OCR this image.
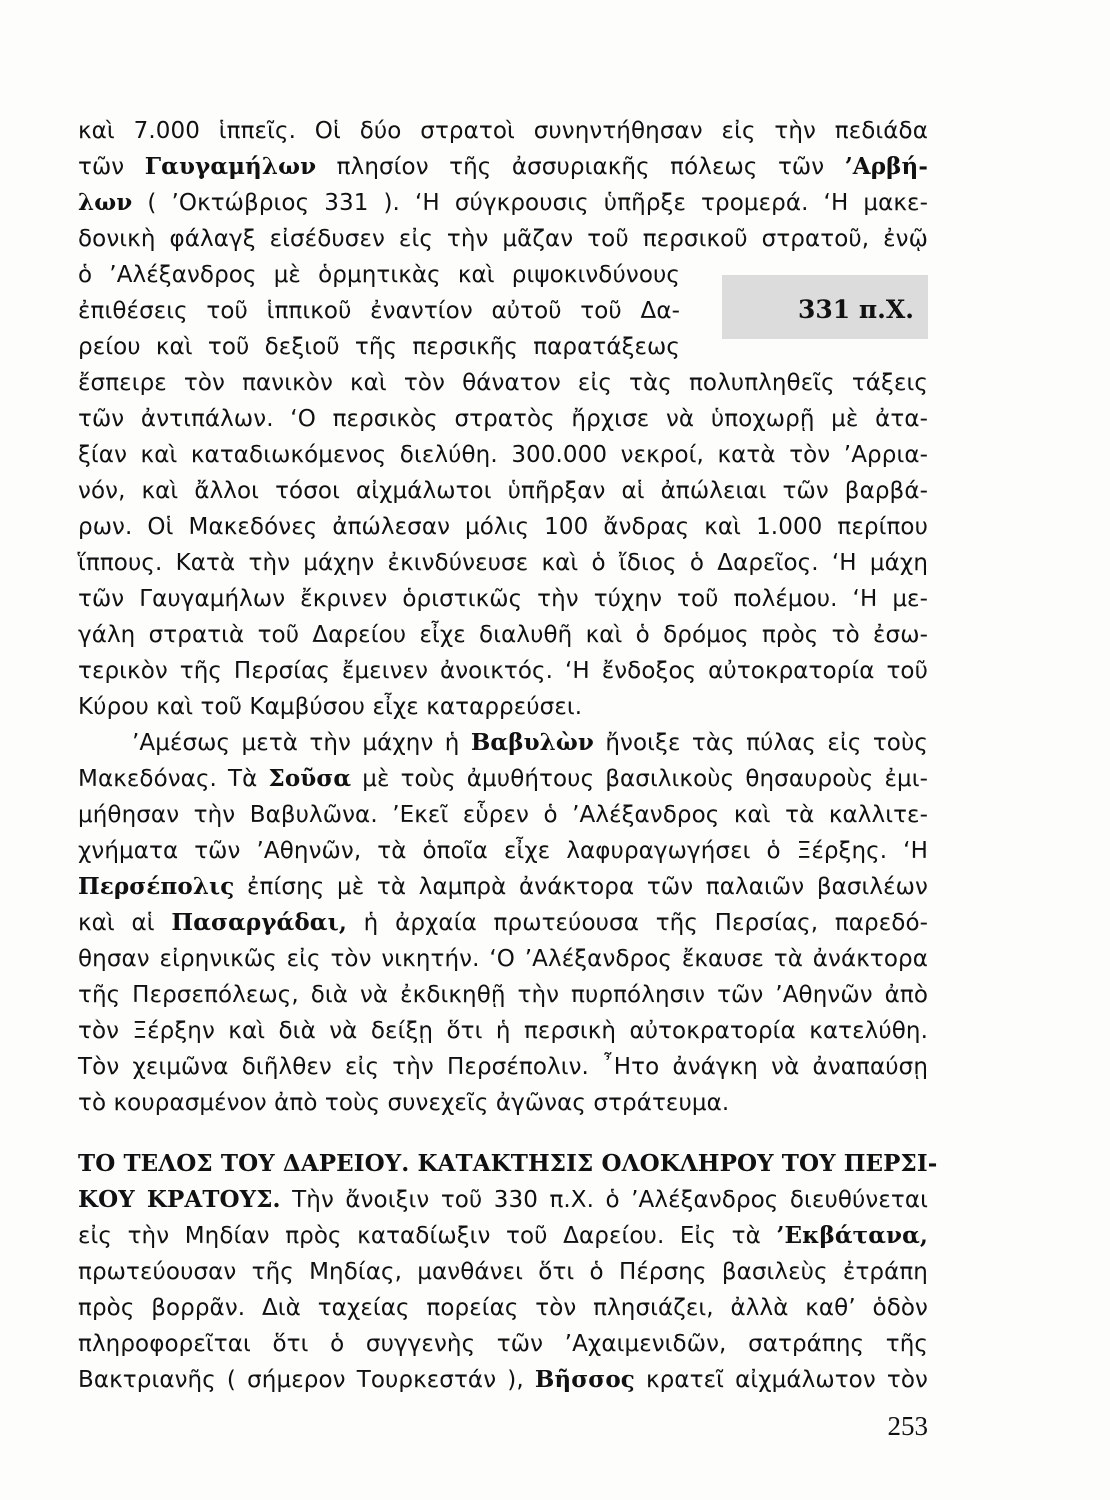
331 π.Χ.
καὶ 7.000 ἱππεῖς. Οἱ δύο στρατοὶ συνηντήθησαν εἰς τὴν πεδιάδα
τῶν Γαυγαμήλων πλησίον τῆς ἀσσυριακῆς πόλεως τῶν ’Αρβή-
λων ( ’Οκτώβριος 331 ). ‘Η σύγκρουσις ὑπῆρξε τρομερά. ‘Η μακε-
δονικὴ φάλαγξ εἰσέδυσεν εἰς τὴν μᾶζαν τοῦ περσικοῦ στρατοῦ, ἐνῷ
ὁ ’Αλέξανδρος μὲ ὁρμητικὰς καὶ ριψοκινδύνους
ἐπιθέσεις τοῦ ἱππικοῦ ἐναντίον αὐτοῦ τοῦ Δα-
ρείου καὶ τοῦ δεξιοῦ τῆς περσικῆς παρατάξεως
ἔσπειρε τὸν πανικὸν καὶ τὸν θάνατον εἰς τὰς πολυπληθεῖς τάξεις
τῶν ἀντιπάλων. ‘Ο περσικὸς στρατὸς ἤρχισε νὰ ὑποχωρῇ μὲ ἀτα-
ξίαν καὶ καταδιωκόμενος διελύθη. 300.000 νεκροί, κατὰ τὸν ’Αρρια-
νόν, καὶ ἄλλοι τόσοι αἰχμάλωτοι ὑπῆρξαν αἱ ἀπώλειαι τῶν βαρβά-
ρων. Οἱ Μακεδόνες ἀπώλεσαν μόλις 100 ἄνδρας καὶ 1.000 περίπου
ἵππους. Κατὰ τὴν μάχην ἐκινδύνευσε καὶ ὁ ἴδιος ὁ Δαρεῖος. ‘Η μάχη
τῶν Γαυγαμήλων ἔκρινεν ὁριστικῶς τὴν τύχην τοῦ πολέμου. ‘Η με-
γάλη στρατιὰ τοῦ Δαρείου εἶχε διαλυθῆ καὶ ὁ δρόμος πρὸς τὸ ἐσω-
τερικὸν τῆς Περσίας ἔμεινεν ἀνοικτός. ‘Η ἔνδοξος αὐτοκρατορία τοῦ
Κύρου καὶ τοῦ Καμβύσου εἶχε καταρρεύσει.
’Αμέσως μετὰ τὴν μάχην ἡ Βαβυλὼν ἤνοιξε τὰς πύλας εἰς τοὺς
Μακεδόνας. Τὰ Σοῦσα μὲ τοὺς ἀμυθήτους βασιλικοὺς θησαυροὺς ἐμι-
μήθησαν τὴν Βαβυλῶνα. ’Εκεῖ εὗρεν ὁ ’Αλέξανδρος καὶ τὰ καλλιτε-
χνήματα τῶν ’Αθηνῶν, τὰ ὁποῖα εἶχε λαφυραγωγήσει ὁ Ξέρξης. ‘Η
Περσέπολις ἐπίσης μὲ τὰ λαμπρὰ ἀνάκτορα τῶν παλαιῶν βασιλέων
καὶ αἱ Πασαργάδαι, ἡ ἀρχαία πρωτεύουσα τῆς Περσίας, παρεδό-
θησαν εἰρηνικῶς εἰς τὸν νικητήν. ‘Ο ’Αλέξανδρος ἔκαυσε τὰ ἀνάκτορα
τῆς Περσεπόλεως, διὰ νὰ ἐκδικηθῇ τὴν πυρπόλησιν τῶν ’Αθηνῶν ἀπὸ
τὸν Ξέρξην καὶ διὰ νὰ δείξῃ ὅτι ἡ περσικὴ αὐτοκρατορία κατελύθη.
Τὸν χειμῶνα διῆλθεν εἰς τὴν Περσέπολιν. ῏Ητο ἀνάγκη νὰ ἀναπαύσῃ
τὸ κουρασμένον ἀπὸ τοὺς συνεχεῖς ἀγῶνας στράτευμα.
ΤΟ ΤΕΛΟΣ ΤΟΥ ΔΑΡΕΙΟΥ. ΚΑΤΑΚΤΗΣΙΣ ΟΛΟΚΛΗΡΟΥ ΤΟΥ ΠΕΡΣΙ-
ΚΟΥ ΚΡΑΤΟΥΣ. Τὴν ἄνοιξιν τοῦ 330 π.Χ. ὁ ’Αλέξανδρος διευθύνεται
εἰς τὴν Μηδίαν πρὸς καταδίωξιν τοῦ Δαρείου. Εἰς τὰ ’Εκβάτανα,
πρωτεύουσαν τῆς Μηδίας, μανθάνει ὅτι ὁ Πέρσης βασιλεὺς ἐτράπη
πρὸς βορρᾶν. Διὰ ταχείας πορείας τὸν πλησιάζει, ἀλλὰ καθ’ ὁδὸν
πληροφορεῖται ὅτι ὁ συγγενὴς τῶν ’Αχαιμενιδῶν, σατράπης τῆς
Βακτριανῆς ( σήμερον Τουρκεστάν ), Βῆσσος κρατεῖ αἰχμάλωτον τὸν
253
